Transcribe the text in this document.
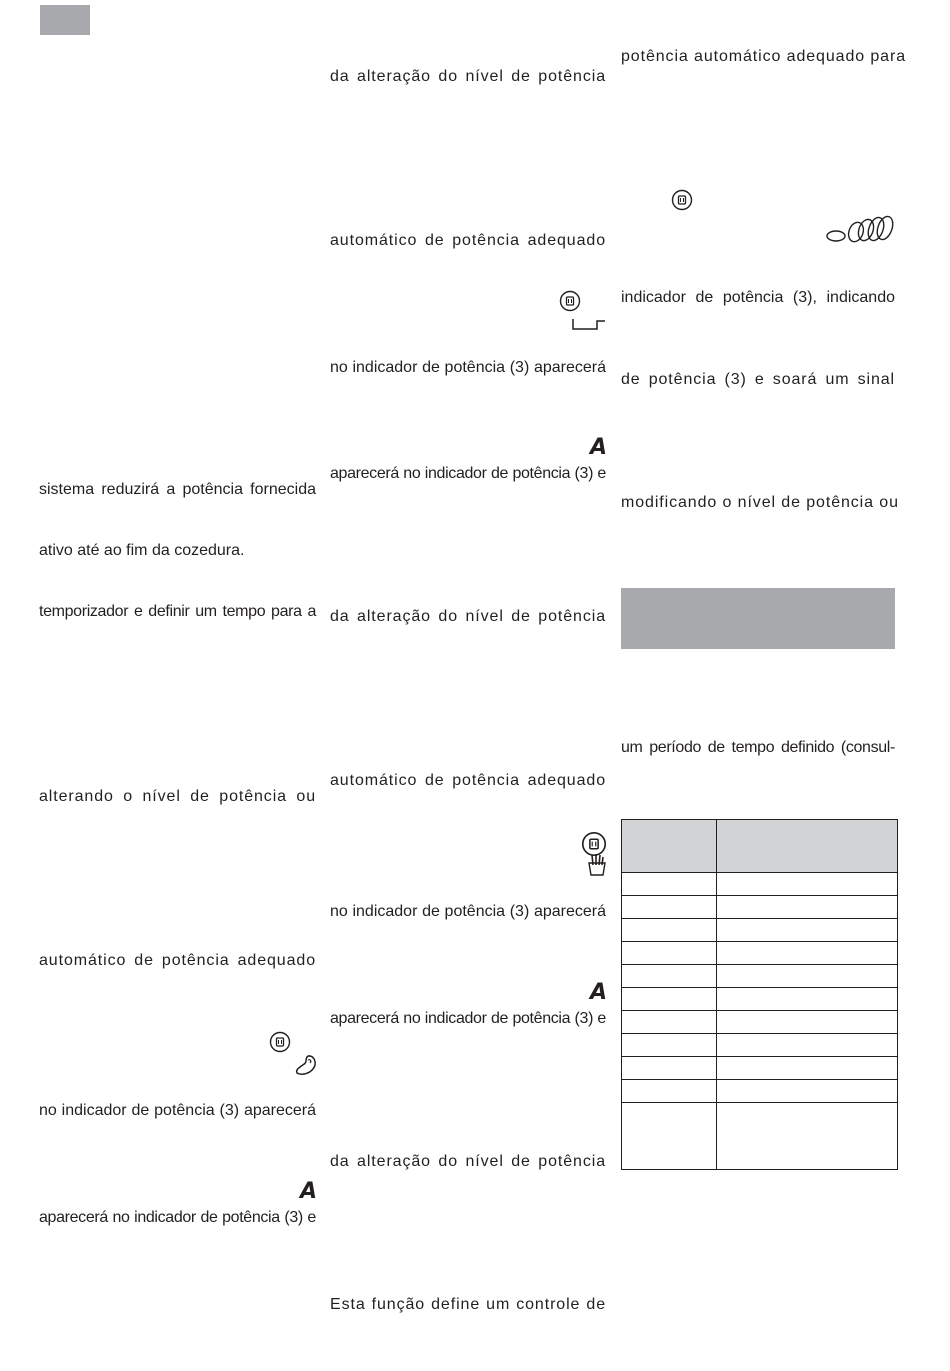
sistema reduzirá a potência fornecida
ativo até ao fim da cozedura.
temporizador e definir um tempo para a
alterando o nível de potência ou
automático de potência adequado
no indicador de potência (3) aparecerá
A
aparecerá no indicador de potência (3) e
da alteração do nível de potência
automático de potência adequado
no indicador de potência (3) aparecerá
A
aparecerá no indicador de potência (3) e
da alteração do nível de potência
automático de potência adequado
no indicador de potência (3) aparecerá
A
aparecerá no indicador de potência (3) e
da alteração do nível de potência
Esta função define um controle de
potência automático adequado para
indicador de potência (3), indicando
de potência (3) e soará um sinal
modificando o nível de potência ou
um período de tempo definido (consul-
